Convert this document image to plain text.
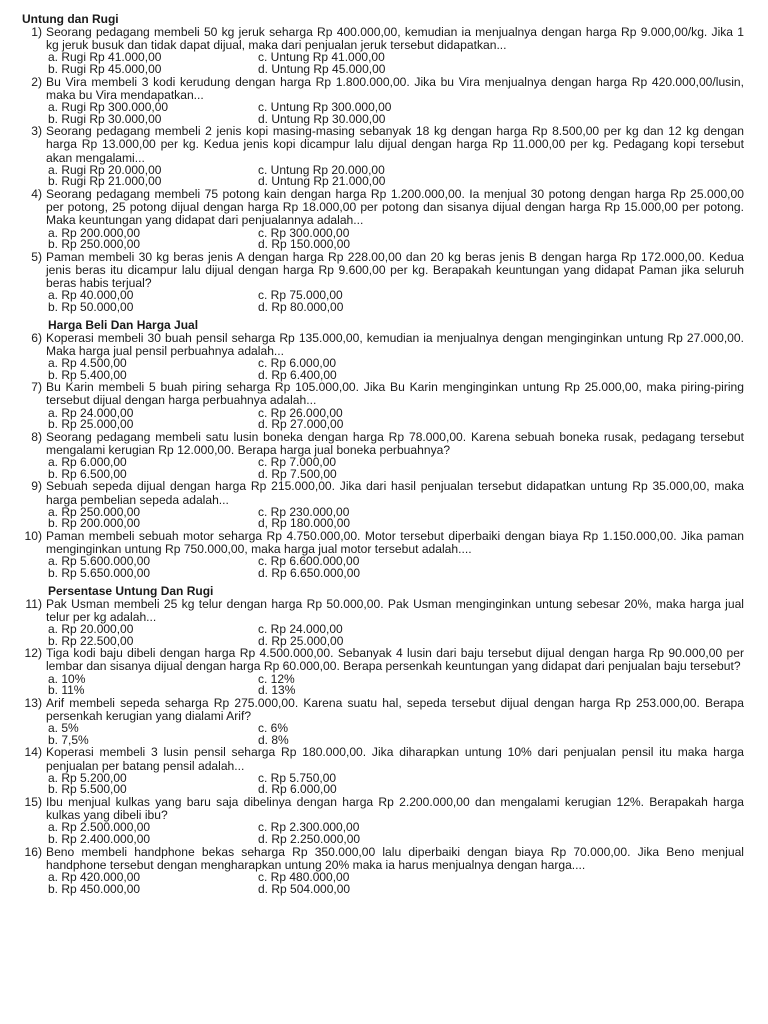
Untung dan Rugi
1) Seorang pedagang membeli 50 kg jeruk seharga Rp 400.000,00, kemudian ia menjualnya dengan harga Rp 9.000,00/kg. Jika 1 kg jeruk busuk dan tidak dapat dijual, maka dari penjualan jeruk tersebut didapatkan...
a. Rugi Rp 41.000,00	c. Untung Rp 41.000,00
b. Rugi Rp 45.000,00	d. Untung Rp 45.000,00
2) Bu Vira membeli 3 kodi kerudung dengan harga Rp 1.800.000,00. Jika bu Vira menjualnya dengan harga Rp 420.000,00/lusin, maka bu Vira mendapatkan...
a. Rugi Rp 300.000,00	c. Untung Rp 300.000,00
b. Rugi Rp 30.000,00	d. Untung Rp 30.000,00
3) Seorang pedagang membeli 2 jenis kopi masing-masing sebanyak 18 kg dengan harga Rp 8.500,00 per kg dan 12 kg dengan harga Rp 13.000,00 per kg. Kedua jenis kopi dicampur lalu dijual dengan harga Rp 11.000,00 per kg. Pedagang kopi tersebut akan mengalami...
a. Rugi Rp 20.000,00	c. Untung Rp 20.000,00
b. Rugi Rp 21.000,00	d. Untung Rp 21.000,00
4) Seorang pedagang membeli 75 potong kain dengan harga Rp 1.200.000,00. Ia menjual 30 potong dengan harga Rp 25.000,00 per potong, 25 potong dijual dengan harga Rp 18.000,00 per potong dan sisanya dijual dengan harga Rp 15.000,00 per potong. Maka keuntungan yang didapat dari penjualannya adalah...
a. Rp 200.000,00	c. Rp 300.000,00
b. Rp 250.000,00	d. Rp 150.000,00
5) Paman membeli 30 kg beras jenis A dengan harga Rp 228.00,00 dan 20 kg beras jenis B dengan harga Rp 172.000,00. Kedua jenis beras itu dicampur lalu dijual dengan harga Rp 9.600,00 per kg. Berapakah keuntungan yang didapat Paman jika seluruh beras habis terjual?
a. Rp 40.000,00	c. Rp 75.000,00
b. Rp 50.000,00	d. Rp 80.000,00
Harga Beli Dan Harga Jual
6) Koperasi membeli 30 buah pensil seharga Rp 135.000,00, kemudian ia menjualnya dengan menginginkan untung Rp 27.000,00. Maka harga jual pensil perbuahnya adalah...
a. Rp 4.500,00	c. Rp 6.000,00
b. Rp 5.400,00	d. Rp 6.400,00
7) Bu Karin membeli 5 buah piring seharga Rp 105.000,00. Jika Bu Karin menginginkan untung Rp 25.000,00, maka piring-piring tersebut dijual dengan harga perbuahnya adalah...
a. Rp 24.000,00	c. Rp 26.000,00
b. Rp 25.000,00	d. Rp 27.000,00
8) Seorang pedagang membeli satu lusin boneka dengan harga Rp 78.000,00. Karena sebuah boneka rusak, pedagang tersebut mengalami kerugian Rp 12.000,00. Berapa harga jual boneka perbuahnya?
a. Rp 6.000,00	c. Rp 7.000,00
b. Rp 6.500,00	d. Rp 7.500,00
9) Sebuah sepeda dijual dengan harga Rp 215.000,00. Jika dari hasil penjualan tersebut didapatkan untung Rp 35.000,00, maka harga pembelian sepeda adalah...
a. Rp 250.000,00	c. Rp 230.000,00
b. Rp 200.000,00	d, Rp 180.000,00
10) Paman membeli sebuah motor seharga Rp 4.750.000,00. Motor tersebut diperbaiki dengan biaya Rp 1.150.000,00. Jika paman menginginkan untung Rp 750.000,00, maka harga jual motor tersebut adalah....
a. Rp 5.600.000,00	c. Rp 6.600.000,00
b. Rp 5.650.000,00	d. Rp 6.650.000,00
Persentase Untung Dan Rugi
11) Pak Usman membeli 25 kg telur dengan harga Rp 50.000,00. Pak Usman menginginkan untung sebesar 20%, maka harga jual telur per kg adalah...
a. Rp 20.000,00	c. Rp 24.000,00
b. Rp 22.500,00	d. Rp 25.000,00
12) Tiga kodi baju dibeli dengan harga Rp 4.500.000,00. Sebanyak 4 lusin dari baju tersebut dijual dengan harga Rp 90.000,00 per lembar dan sisanya dijual dengan harga Rp 60.000,00. Berapa persenkah keuntungan yang didapat dari penjualan baju tersebut?
a. 10%	c. 12%
b. 11%	d. 13%
13) Arif membeli sepeda seharga Rp 275.000,00. Karena suatu hal, sepeda tersebut dijual dengan harga Rp 253.000,00. Berapa persenkah kerugian yang dialami Arif?
a. 5%	c. 6%
b. 7,5%	d. 8%
14) Koperasi membeli 3 lusin pensil seharga Rp 180.000,00. Jika diharapkan untung 10% dari penjualan pensil itu maka harga penjualan per batang pensil adalah...
a. Rp 5.200,00	c. Rp 5.750,00
b. Rp 5.500,00	d. Rp 6.000,00
15) Ibu menjual kulkas yang baru saja dibelinya dengan harga Rp 2.200.000,00 dan mengalami kerugian 12%. Berapakah harga kulkas yang dibeli ibu?
a. Rp 2.500.000,00	c. Rp 2.300.000,00
b. Rp 2.400.000,00	d. Rp 2.250.000,00
16) Beno membeli handphone bekas seharga Rp 350.000,00 lalu diperbaiki dengan biaya Rp 70.000,00. Jika Beno menjual handphone tersebut dengan mengharapkan untung 20% maka ia harus menjualnya dengan harga....
a. Rp 420.000,00	c. Rp 480.000,00
b. Rp 450.000,00	d. Rp 504.000,00
